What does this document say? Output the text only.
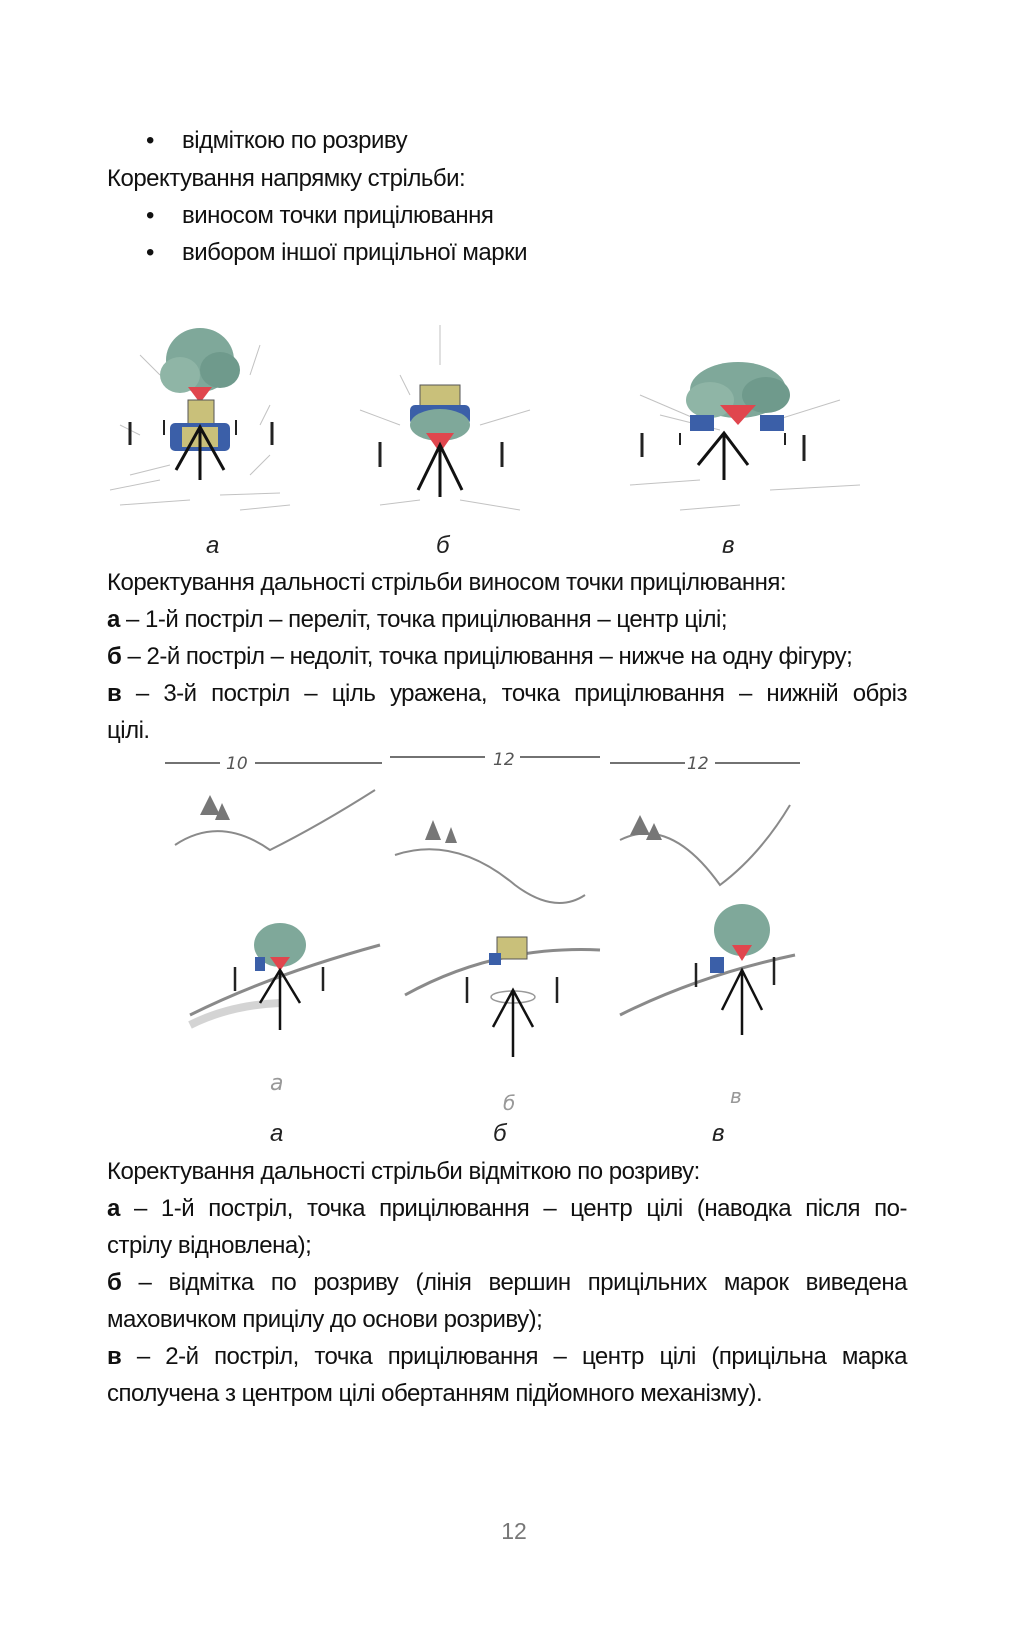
• відміткою по розриву
Коректування напрямку стрільби:
• виносом точки прицілювання
• вибором іншої прицільної марки
а	б	в
Коректування дальності стрільби виносом точки прицілювання:
а – 1-й постріл – переліт, точка прицілювання – центр цілі;
б – 2-й постріл – недоліт, точка прицілювання – нижче на одну фігуру;
в – 3-й постріл – ціль уражена, точка прицілювання – нижній обріз
цілі.
10	12	12
а
б	в
а	б	в
Коректування дальності стрільби відміткою по розриву:
а – 1-й постріл, точка прицілювання – центр цілі (наводка після по-
стрілу відновлена);
б – відмітка по розриву (лінія вершин прицільних марок виведена
маховичком прицілу до основи розриву);
в – 2-й постріл, точка прицілювання – центр цілі (прицільна марка
сполучена з центром цілі обертанням підйомного механізму).
12
